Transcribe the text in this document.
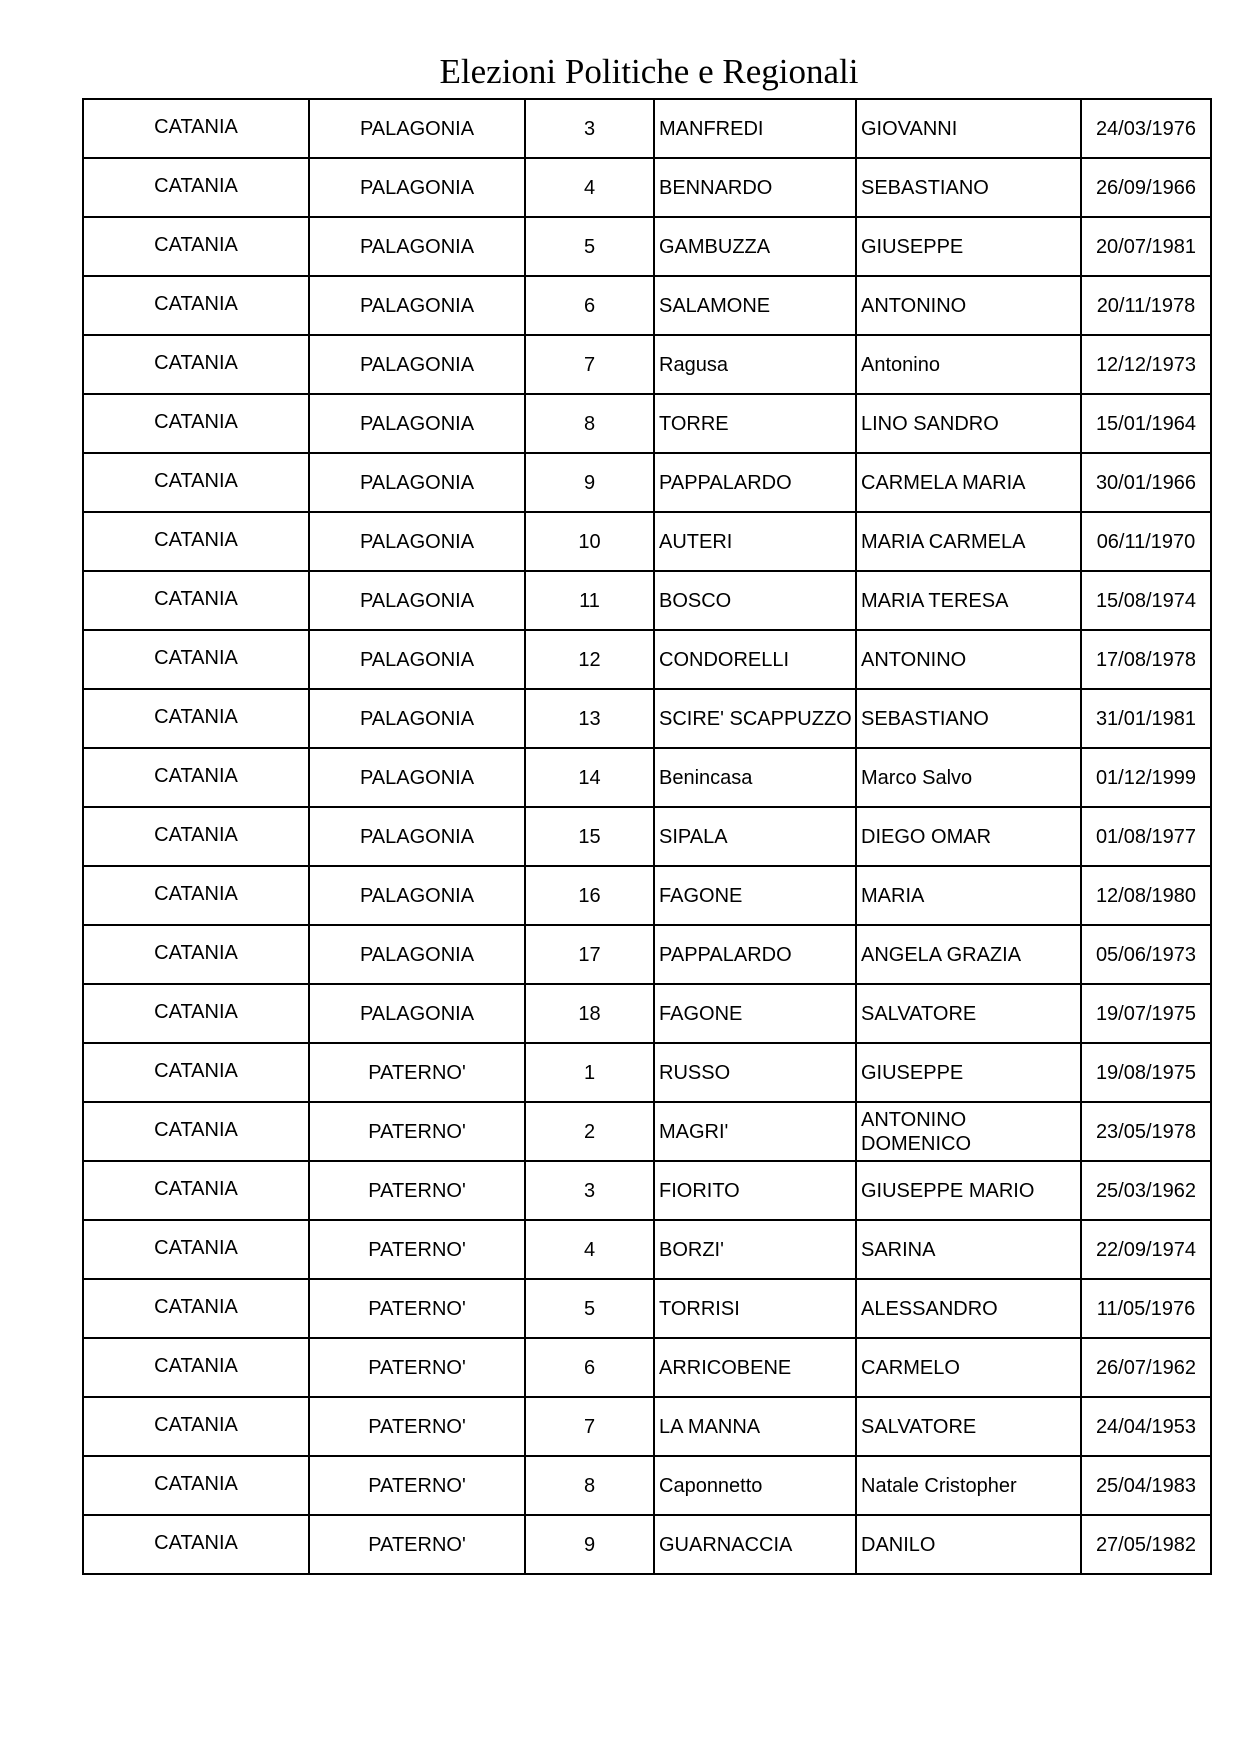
Elezioni Politiche e Regionali
CATANIA	PALAGONIA	3	MANFREDI	GIOVANNI	24/03/1976
CATANIA	PALAGONIA	4	BENNARDO	SEBASTIANO	26/09/1966
CATANIA	PALAGONIA	5	GAMBUZZA	GIUSEPPE	20/07/1981
CATANIA	PALAGONIA	6	SALAMONE	ANTONINO	20/11/1978
CATANIA	PALAGONIA	7	Ragusa	Antonino	12/12/1973
CATANIA	PALAGONIA	8	TORRE	LINO SANDRO	15/01/1964
CATANIA	PALAGONIA	9	PAPPALARDO	CARMELA MARIA	30/01/1966
CATANIA	PALAGONIA	10	AUTERI	MARIA CARMELA	06/11/1970
CATANIA	PALAGONIA	11	BOSCO	MARIA TERESA	15/08/1974
CATANIA	PALAGONIA	12	CONDORELLI	ANTONINO	17/08/1978
CATANIA	PALAGONIA	13	SCIRE' SCAPPUZZO	SEBASTIANO	31/01/1981
CATANIA	PALAGONIA	14	Benincasa	Marco Salvo	01/12/1999
CATANIA	PALAGONIA	15	SIPALA	DIEGO OMAR	01/08/1977
CATANIA	PALAGONIA	16	FAGONE	MARIA	12/08/1980
CATANIA	PALAGONIA	17	PAPPALARDO	ANGELA GRAZIA	05/06/1973
CATANIA	PALAGONIA	18	FAGONE	SALVATORE	19/07/1975
CATANIA	PATERNO'	1	RUSSO	GIUSEPPE	19/08/1975
CATANIA	PATERNO'	2	MAGRI'	ANTONINO DOMENICO	23/05/1978
CATANIA	PATERNO'	3	FIORITO	GIUSEPPE MARIO	25/03/1962
CATANIA	PATERNO'	4	BORZI'	SARINA	22/09/1974
CATANIA	PATERNO'	5	TORRISI	ALESSANDRO	11/05/1976
CATANIA	PATERNO'	6	ARRICOBENE	CARMELO	26/07/1962
CATANIA	PATERNO'	7	LA MANNA	SALVATORE	24/04/1953
CATANIA	PATERNO'	8	Caponnetto	Natale Cristopher	25/04/1983
CATANIA	PATERNO'	9	GUARNACCIA	DANILO	27/05/1982
